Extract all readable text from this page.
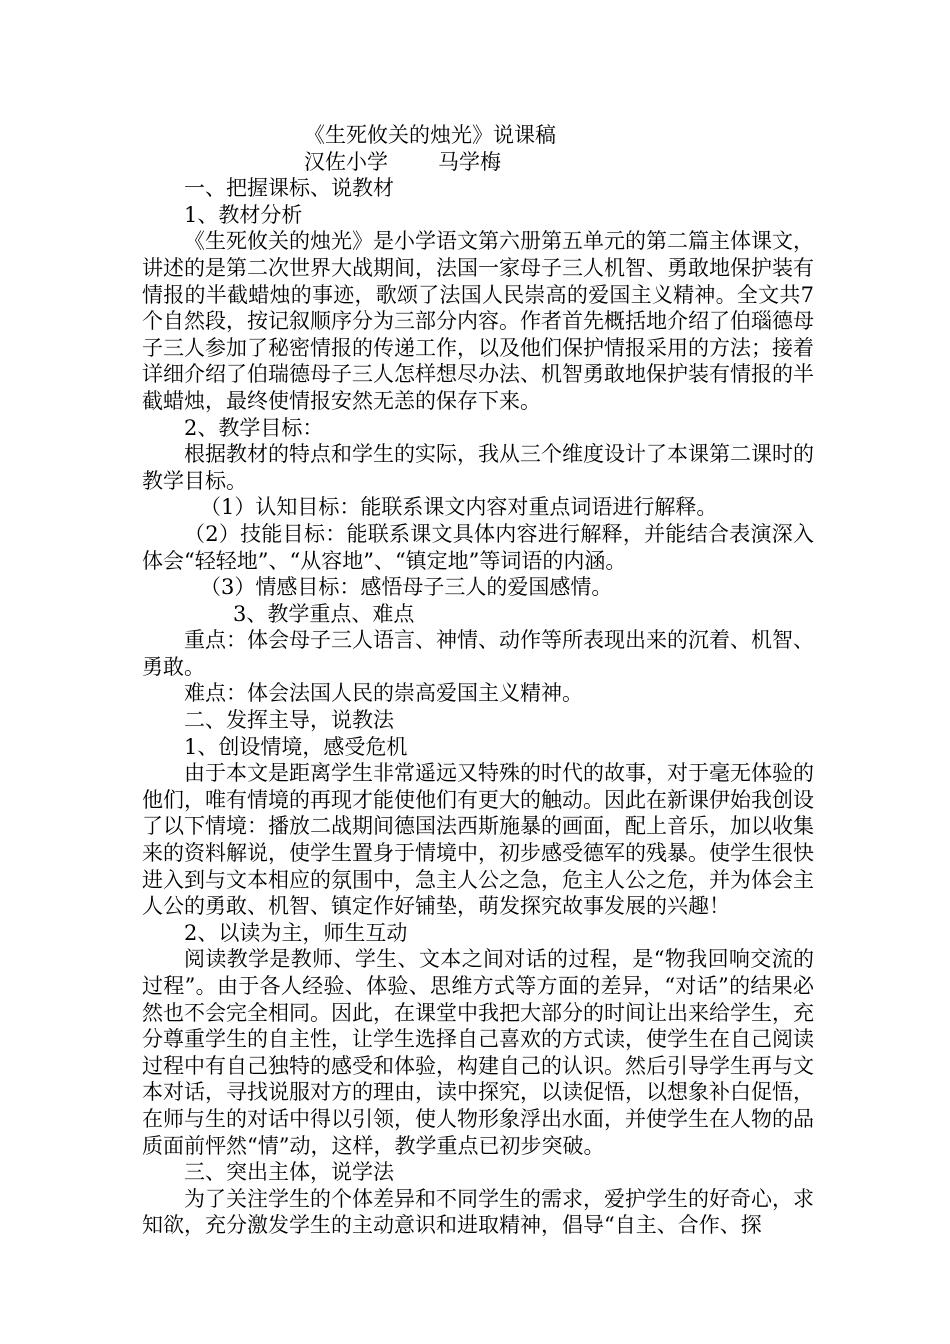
《生死攸关的烛光》说课稿

汉佐小学 马学梅

一、把握课标、说教材

1、教材分析

《生死攸关的烛光》是小学语文第六册第五单元的第二篇主体课文，讲述的是第二次世界大战期间，法国一家母子三人机智、勇敢地保护装有情报的半截蜡烛的事迹，歌颂了法国人民崇高的爱国主义精神。全文共7个自然段，按记叙顺序分为三部分内容。作者首先概括地介绍了伯瑙德母子三人参加了秘密情报的传递工作，以及他们保护情报采用的方法；接着详细介绍了伯瑞德母子三人怎样想尽办法、机智勇敢地保护装有情报的半截蜡烛，最终使情报安然无恙的保存下来。

2、教学目标：

根据教材的特点和学生的实际，我从三个维度设计了本课第二课时的教学目标。

（1）认知目标：能联系课文内容对重点词语进行解释。

（2）技能目标：能联系课文具体内容进行解释，并能结合表演深入体会“轻轻地”、“从容地”、“镇定地”等词语的内涵。

（3）情感目标：感悟母子三人的爱国感情。

3、教学重点、难点

重点：体会母子三人语言、神情、动作等所表现出来的沉着、机智、勇敢。

难点：体会法国人民的崇高爱国主义精神。

二、发挥主导，说教法

1、创设情境，感受危机

由于本文是距离学生非常遥远又特殊的时代的故事，对于毫无体验的他们，唯有情境的再现才能使他们有更大的触动。因此在新课伊始我创设了以下情境：播放二战期间德国法西斯施暴的画面，配上音乐，加以收集来的资料解说，使学生置身于情境中，初步感受德军的残暴。使学生很快进入到与文本相应的氛围中，急主人公之急，危主人公之危，并为体会主人公的勇敢、机智、镇定作好铺垫，萌发探究故事发展的兴趣！

2、以读为主，师生互动

阅读教学是教师、学生、文本之间对话的过程，是“物我回响交流的过程”。由于各人经验、体验、思维方式等方面的差异，“对话”的结果必然也不会完全相同。因此，在课堂中我把大部分的时间让出来给学生，充分尊重学生的自主性，让学生选择自己喜欢的方式读，使学生在自己阅读过程中有自己独特的感受和体验，构建自己的认识。然后引导学生再与文本对话，寻找说服对方的理由，读中探究，以读促悟，以想象补白促悟，在师与生的对话中得以引领，使人物形象浮出水面，并使学生在人物的品质面前怦然“情”动，这样，教学重点已初步突破。

三、突出主体，说学法

为了关注学生的个体差异和不同学生的需求，爱护学生的好奇心，求知欲，充分激发学生的主动意识和进取精神，倡导“自主、合作、探
